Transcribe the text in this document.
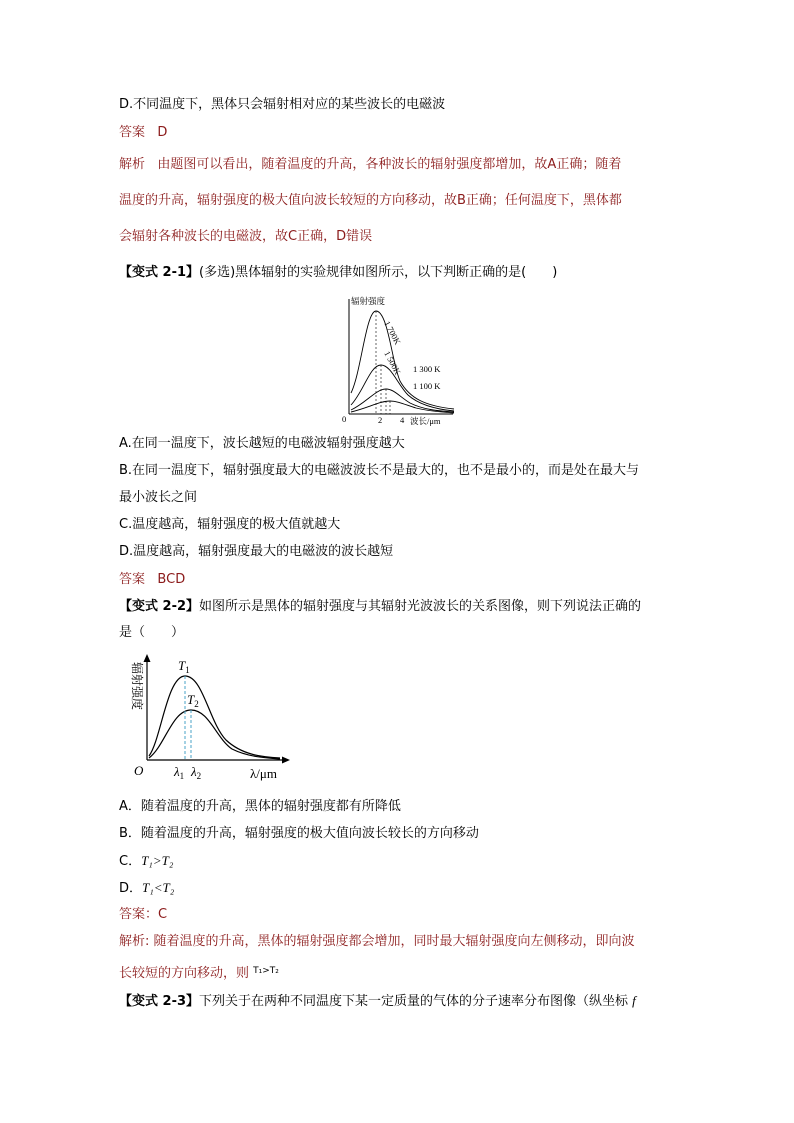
D.不同温度下，黑体只会辐射相对应的某些波长的电磁波
答案 D
解析 由题图可以看出，随着温度的升高，各种波长的辐射强度都增加，故A正确；随着
温度的升高，辐射强度的极大值向波长较短的方向移动，故B正确；任何温度下，黑体都
会辐射各种波长的电磁波，故C正确，D错误
【变式 2-1】(多选)黑体辐射的实验规律如图所示，以下判断正确的是(　　)
辐射强度
0	2 4 波长/μm
1 700K
1 500K 1 300 K
1 100 K
A.在同一温度下，波长越短的电磁波辐射强度越大
B.在同一温度下，辐射强度最大的电磁波波长不是最大的，也不是最小的，而是处在最大与
最小波长之间
C.温度越高，辐射强度的极大值就越大
D.温度越高，辐射强度最大的电磁波的波长越短
答案 BCD
【变式 2-2】如图所示是黑体的辐射强度与其辐射光波波长的关系图像，则下列说法正确的
是（　　）
辐射强度	$T_1$
$T_2$
O $\lambda_1$ $\lambda_2$	λ/μm
A．随着温度的升高，黑体的辐射强度都有所降低
B．随着温度的升高，辐射强度的极大值向波长较长的方向移动
C．T₁>T₂
D．T₁<T₂
答案：C
解析: 随着温度的升高，黑体的辐射强度都会增加，同时最大辐射强度向左侧移动，即向波
长较短的方向移动，则 $^{T_1>T_2}$
【变式 2-3】下列关于在两种不同温度下某一定质量的气体的分子速率分布图像（纵坐标 f
